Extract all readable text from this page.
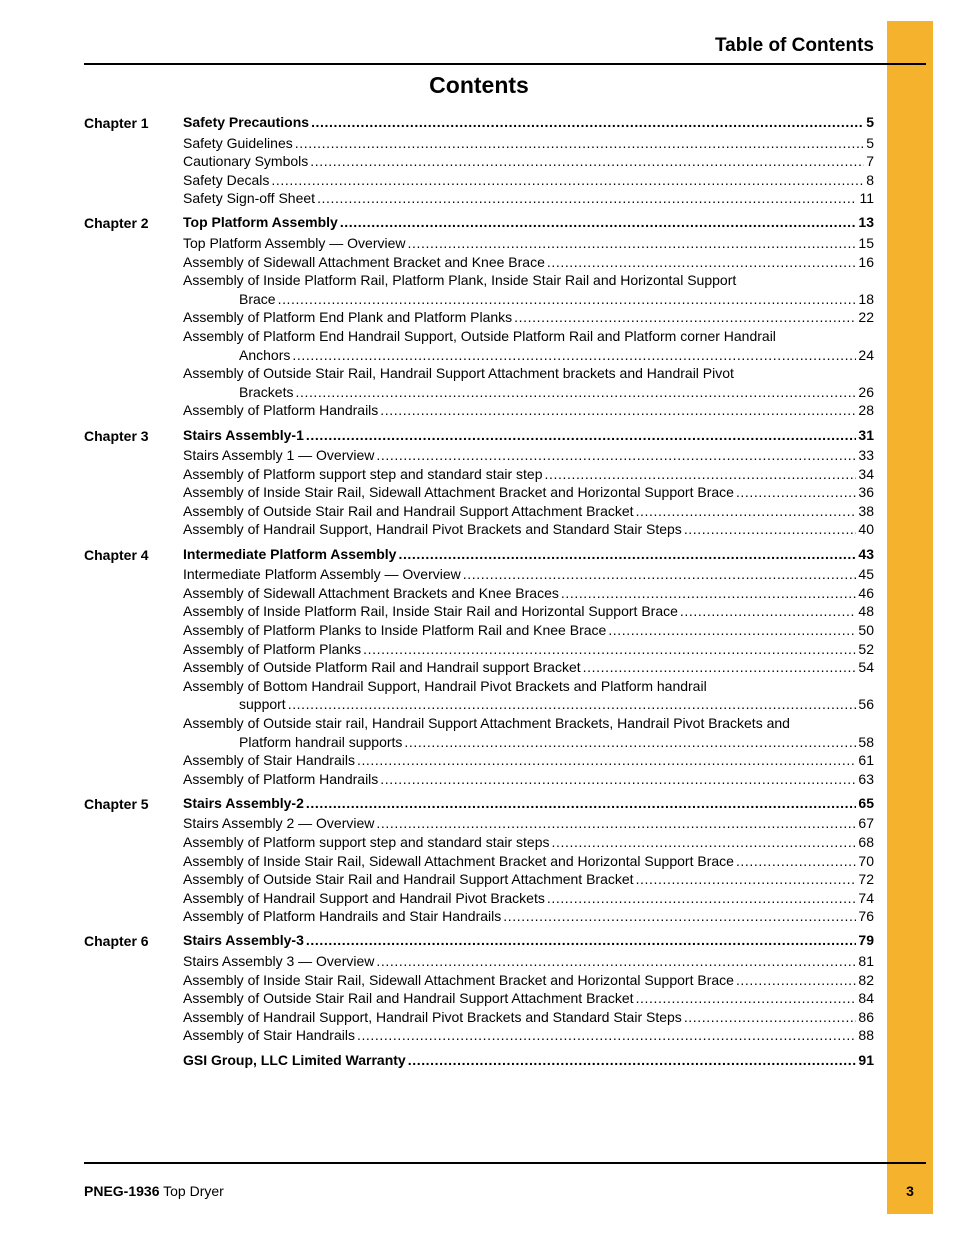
Table of Contents
Contents
Chapter 1	Safety Precautions .....	5
Safety Guidelines .....	5
Cautionary Symbols .....	7
Safety Decals .....	8
Safety Sign-off Sheet .....	11
Chapter 2	Top Platform Assembly .....	13
Top Platform Assembly — Overview .....	15
Assembly of Sidewall Attachment Bracket and Knee Brace .....	16
Assembly of Inside Platform Rail, Platform Plank, Inside Stair Rail and Horizontal Support
Brace .....	18
Assembly of Platform End Plank and Platform Planks .....	22
Assembly of Platform End Handrail Support, Outside Platform Rail and Platform corner Handrail
Anchors .....	24
Assembly of Outside Stair Rail, Handrail Support Attachment brackets and Handrail Pivot
Brackets .....	26
Assembly of Platform Handrails .....	28
Chapter 3	Stairs Assembly-1 .....	31
Stairs Assembly 1 — Overview .....	33
Assembly of Platform support step and standard stair step .....	34
Assembly of Inside Stair Rail, Sidewall Attachment Bracket and Horizontal Support Brace .....	36
Assembly of Outside Stair Rail and Handrail Support Attachment Bracket .....	38
Assembly of Handrail Support, Handrail Pivot Brackets and Standard Stair Steps .....	40
Chapter 4	Intermediate Platform Assembly .....	43
Intermediate Platform Assembly — Overview .....	45
Assembly of Sidewall Attachment Brackets and Knee Braces .....	46
Assembly of Inside Platform Rail, Inside Stair Rail and Horizontal Support Brace .....	48
Assembly of Platform Planks to Inside Platform Rail and Knee Brace .....	50
Assembly of Platform Planks .....	52
Assembly of Outside Platform Rail and Handrail support Bracket .....	54
Assembly of Bottom Handrail Support, Handrail Pivot Brackets and Platform handrail
support .....	56
Assembly of Outside stair rail, Handrail Support Attachment Brackets, Handrail Pivot Brackets and
Platform handrail supports .....	58
Assembly of Stair Handrails .....	61
Assembly of Platform Handrails .....	63
Chapter 5	Stairs Assembly-2 .....	65
Stairs Assembly 2 — Overview .....	67
Assembly of Platform support step and standard stair steps .....	68
Assembly of Inside Stair Rail, Sidewall Attachment Bracket and Horizontal Support Brace .....	70
Assembly of Outside Stair Rail and Handrail Support Attachment Bracket .....	72
Assembly of Handrail Support and Handrail Pivot Brackets .....	74
Assembly of Platform Handrails and Stair Handrails .....	76
Chapter 6	Stairs Assembly-3 .....	79
Stairs Assembly 3 — Overview .....	81
Assembly of Inside Stair Rail, Sidewall Attachment Bracket and Horizontal Support Brace .....	82
Assembly of Outside Stair Rail and Handrail Support Attachment Bracket .....	84
Assembly of Handrail Support, Handrail Pivot Brackets and Standard Stair Steps .....	86
Assembly of Stair Handrails .....	88
GSI Group, LLC Limited Warranty .....	91
PNEG-1936 Top Dryer	3
